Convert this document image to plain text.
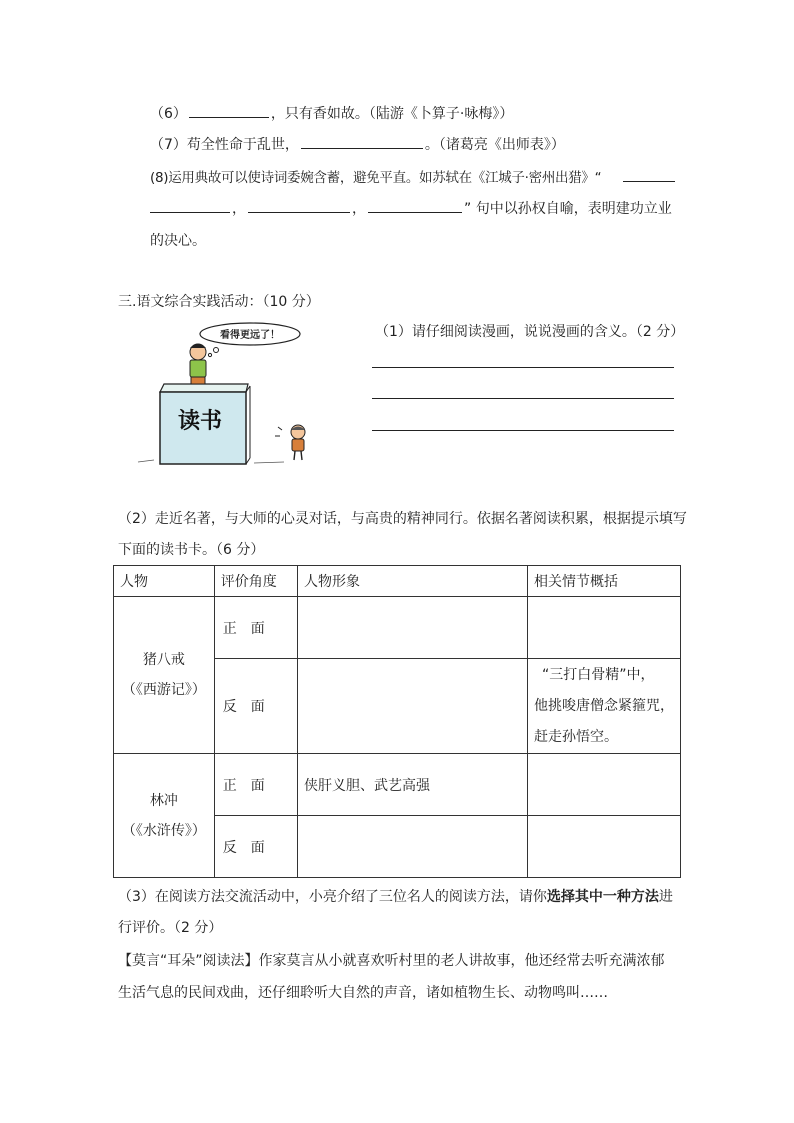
（6）	，只有香如故。（陆游《卜算子·咏梅》）
（7）苟全性命于乱世，	。（诸葛亮《出师表》）
(8)运用典故可以使诗词委婉含蓄，避免平直。如苏轼在《江城子·密州出猎》“
，	，	” 句中以孙权自喻，表明建功立业
的决心。
三.语文综合实践活动：（10 分）
看得更远了！
读书
（1）请仔细阅读漫画，说说漫画的含义。（2 分）
（2）走近名著，与大师的心灵对话，与高贵的精神同行。依据名著阅读积累，根据提示填写
下面的读书卡。（6 分）
人物	评价角度	人物形象	相关情节概括

猪八戒
（《西游记》）	正　面		
	反　面		“三打白骨精”中，
他挑唆唐僧念紧箍咒，
赶走孙悟空。

林冲
（《水浒传》）	正　面	侠肝义胆、武艺高强	
	反　面		
（3）在阅读方法交流活动中，小亮介绍了三位名人的阅读方法，请你选择其中一种方法进
行评价。（2 分）
【莫言“耳朵”阅读法】作家莫言从小就喜欢听村里的老人讲故事，他还经常去听充满浓郁
生活气息的民间戏曲，还仔细聆听大自然的声音，诸如植物生长、动物鸣叫……
